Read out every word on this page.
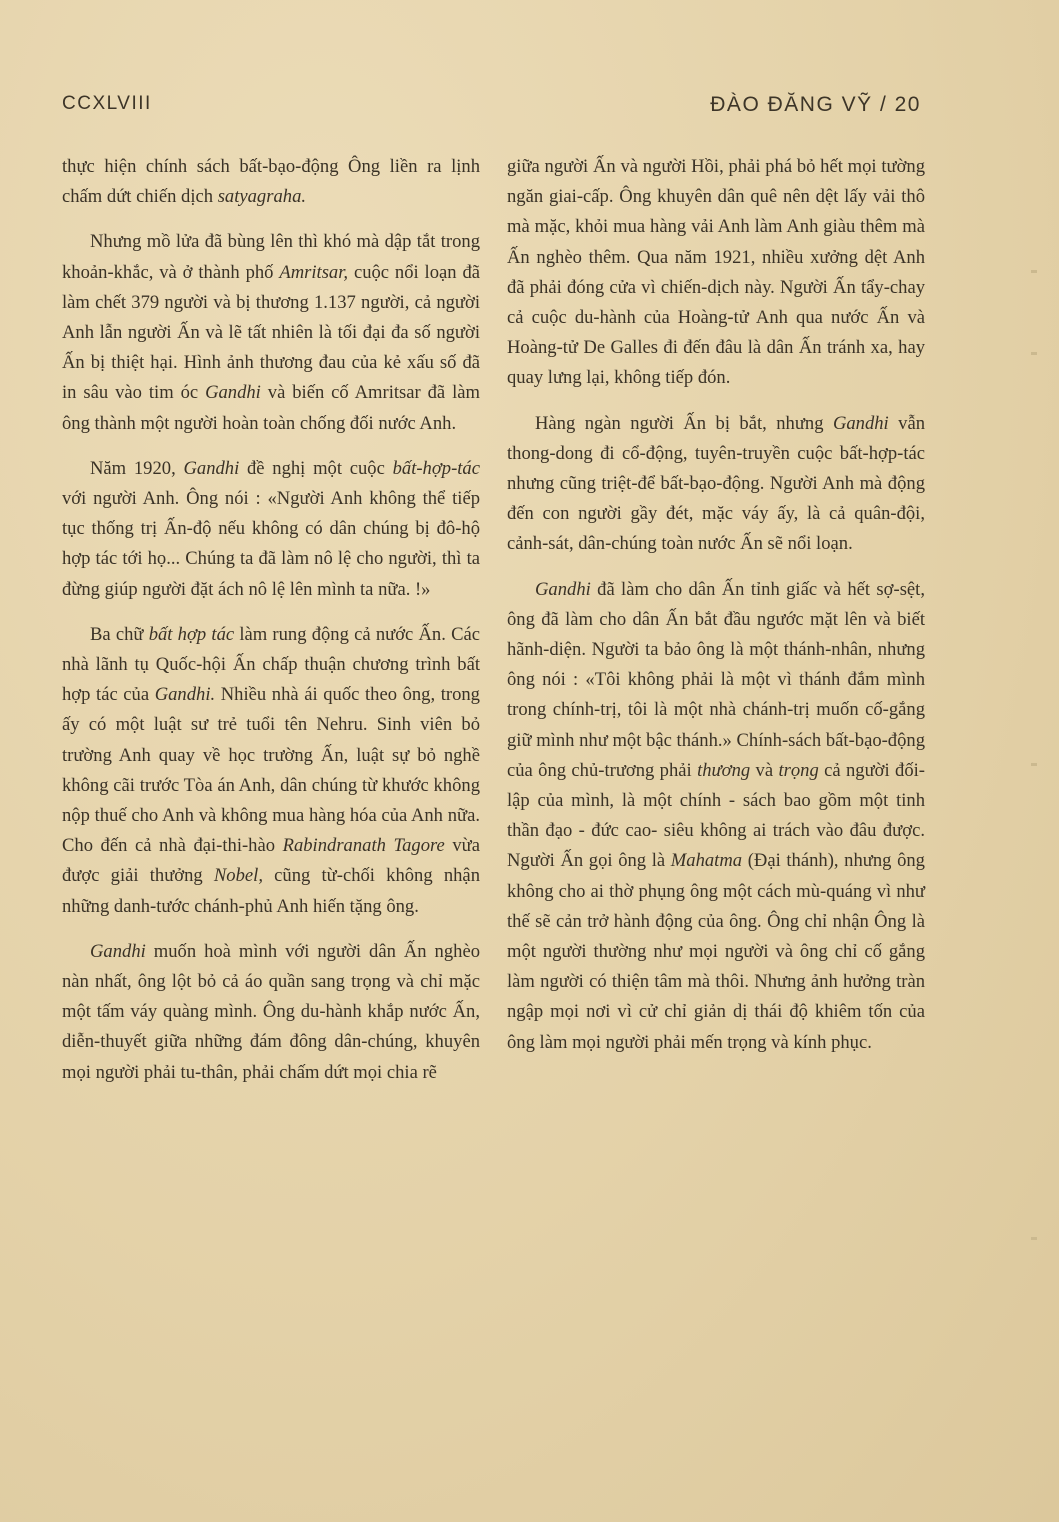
CCXLVIII	ĐÀO ĐĂNG VỸ / 20

thực hiện chính sách bất-bạo-động Ông liền ra lịnh chấm dứt chiến dịch satyagraha.

Nhưng mồ lửa đã bùng lên thì khó mà dập tắt trong khoản-khắc, và ở thành phố Amritsar, cuộc nổi loạn đã làm chết 379 người và bị thương 1.137 người, cả người Anh lẫn người Ấn và lẽ tất nhiên là tối đại đa số người Ấn bị thiệt hại. Hình ảnh thương đau của kẻ xấu số đã in sâu vào tim óc Gandhi và biến cố Amritsar đã làm ông thành một người hoàn toàn chống đối nước Anh.

Năm 1920, Gandhi đề nghị một cuộc bất-hợp-tác với người Anh. Ông nói : «Người Anh không thể tiếp tục thống trị Ấn-độ nếu không có dân chúng bị đô-hộ hợp tác tới họ... Chúng ta đã làm nô lệ cho người, thì ta đừng giúp người đặt ách nô lệ lên mình ta nữa. !»

Ba chữ bất hợp tác làm rung động cả nước Ấn. Các nhà lãnh tụ Quốc-hội Ấn chấp thuận chương trình bất hợp tác của Gandhi. Nhiều nhà ái quốc theo ông, trong ấy có một luật sư trẻ tuổi tên Nehru. Sinh viên bỏ trường Anh quay về học trường Ấn, luật sự bỏ nghề không cãi trước Tòa án Anh, dân chúng từ khước không nộp thuế cho Anh và không mua hàng hóa của Anh nữa. Cho đến cả nhà đại-thi-hào Rabindranath Tagore vừa được giải thưởng Nobel, cũng từ-chối không nhận những danh-tước chánh-phủ Anh hiến tặng ông.

Gandhi muốn hoà mình với người dân Ấn nghèo nàn nhất, ông lột bỏ cả áo quần sang trọng và chỉ mặc một tấm váy quàng mình. Ông du-hành khắp nước Ấn, diễn-thuyết giữa những đám đông dân-chúng, khuyên mọi người phải tu-thân, phải chấm dứt mọi chia rẽ

giữa người Ấn và người Hồi, phải phá bỏ hết mọi tường ngăn giai-cấp. Ông khuyên dân quê nên dệt lấy vải thô mà mặc, khỏi mua hàng vải Anh làm Anh giàu thêm mà Ấn nghèo thêm. Qua năm 1921, nhiều xưởng dệt Anh đã phải đóng cửa vì chiến-dịch này. Người Ấn tẩy-chay cả cuộc du-hành của Hoàng-tử Anh qua nước Ấn và Hoàng-tử De Galles đi đến đâu là dân Ấn tránh xa, hay quay lưng lại, không tiếp đón.

Hàng ngàn người Ấn bị bắt, nhưng Gandhi vẫn thong-dong đi cổ-động, tuyên-truyền cuộc bất-hợp-tác nhưng cũng triệt-để bất-bạo-động. Người Anh mà động đến con người gầy đét, mặc váy ấy, là cả quân-đội, cảnh-sát, dân-chúng toàn nước Ấn sẽ nổi loạn.

Gandhi đã làm cho dân Ấn tỉnh giấc và hết sợ-sệt, ông đã làm cho dân Ấn bắt đầu ngước mặt lên và biết hãnh-diện. Người ta bảo ông là một thánh-nhân, nhưng ông nói : «Tôi không phải là một vì thánh đắm mình trong chính-trị, tôi là một nhà chánh-trị muốn cố-gắng giữ mình như một bậc thánh.» Chính-sách bất-bạo-động của ông chủ-trương phải thương và trọng cả người đối-lập của mình, là một chính - sách bao gồm một tinh thần đạo - đức cao- siêu không ai trách vào đâu được. Người Ấn gọi ông là Mahatma (Đại thánh), nhưng ông không cho ai thờ phụng ông một cách mù-quáng vì như thế sẽ cản trở hành động của ông. Ông chỉ nhận Ông là một người thường như mọi người và ông chỉ cố gắng làm người có thiện tâm mà thôi. Nhưng ảnh hưởng tràn ngập mọi nơi vì cử chỉ giản dị thái độ khiêm tốn của ông làm mọi người phải mến trọng và kính phục.
